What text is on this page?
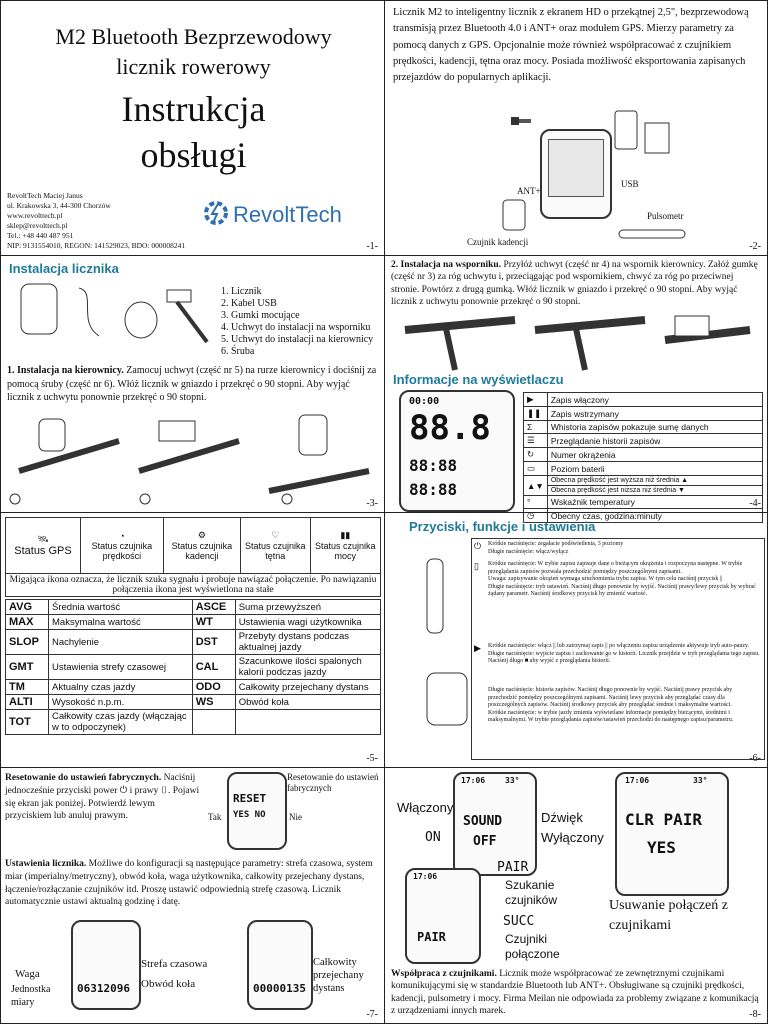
M2 Bluetooth Bezprzewodowy
licznik rowerowy
Instrukcja
obsługi
RevoltTech Maciej Janus
ul. Krakowska 3, 44-300 Chorzów
www.revolttech.pl
sklep@revolttech.pl
Tel.: +48 440 487 951
NIP: 9131554010, REGON: 141529023, BDO: 000008241
RevoltTech
-1-
Licznik M2 to inteligentny licznik z ekranem HD o przekątnej 2,5", bezprzewodową transmisją przez Bluetooth 4.0 i ANT+ oraz modułem GPS. Mierzy parametry za pomocą danych z GPS. Opcjonalnie może również współpracować z czujnikiem prędkości, kadencji, tętna oraz mocy. Posiada możliwość eksportowania zapisanych przejazdów do popularnych aplikacji.
ANT+
USB
Pulsometr
Czujnik kadencji	-2-
Instalacja licznika
1. Licznik
2. Kabel USB
3. Gumki mocujące
4. Uchwyt do instalacji na wsporniku
5. Uchwyt do instalacji na kierownicy
6. Śruba
1. Instalacja na kierownicy. Zamocuj uchwyt (część nr 5) na rurze kierownicy i dociśnij za pomocą śruby (część nr 6). Włóż licznik w gniazdo i przekręć o 90 stopni. Aby wyjąć licznik z uchwytu ponownie przekręć o 90 stopni.
-3-
2. Instalacja na wsporniku. Przyłóż uchwyt (część nr 4) na wspornik kierownicy. Załóż gumkę (część nr 3) za róg uchwytu i, przeciągając pod wspornikiem, chwyć za róg po przeciwnej stronie. Powtórz z drugą gumką. Włóż licznik w gniazdo i przekręć o 90 stopni. Aby wyjąć licznik z uchwytu ponownie przekręć o 90 stopni.
Informacje na wyświetlaczu
00:00
88.8
88:88
88:88
▶	Zapis włączony
❚❚	Zapis wstrzymany
Σ	Whistoria zapisów pokazuje sumę danych
☰	Przeglądanie historii zapisów
↻	Numer okrążenia
▭	Poziom baterii
▲▼	Obecna prędkość jest wyższa niż średnia ▲
	Obecna prędkość jest niższa niż średnia ▼
°	Wskaźnik temperatury
◷	Obecny czas, godzina:minuty
-4-
🛰
Status GPS

◔
Status czujnika prędkości

⚙
Status czujnika kadencji

♡
Status czujnika tętna

▮▮
Status czujnika mocy

Migająca ikona oznacza, że licznik szuka sygnału i probuje nawiązać połączenie. Po nawiązaniu połączenia ikona jest wyświetlona na stałe
AVG	Średnia wartość	ASCE	Suma przewyższeń
MAX	Maksymalna wartość	WT	Ustawienia wagi użytkownika
SLOP	Nachylenie	DST	Przebyty dystans podczas aktualnej jazdy
GMT	Ustawienia strefy czasowej	CAL	Szacunkowe ilości spalonych kalorii podczas jazdy
TM	Aktualny czas jazdy	ODO	Całkowity przejechany dystans
ALTI	Wysokość n.p.m.	WS	Obwód koła
TOT	Całkowity czas jazdy (włączając w to odpoczynek)		
-5-
Przyciski, funkcje i ustawienia
⏻ Krótkie naciśnięcie: zegałacie podświetlenia, 3 poziomy
Długie naciśnięcie: włącz/wyłącz
▯ Krótkie naciśnięcie: W trybie zapisu zapisuje dane o bieżącym okrążeniu i rozpoczyna następne. W trybie przeglądania zapisów pozwala przechodzić pomiędzy poszczególnymi zapisami.
Uwaga: zapisywanie okrążeń wymaga uruchomienia trybu zapisu. W tym celu naciśnij przycisk ||
Długie naciśnięcie: tryb ustawień. Naciśnij długo ponownie by wyjść. Naciśnij prawy/lewy przycisk by wybrać żądany parametr. Naciśnij środkowy przycisk by zmienić wartość.
▶ Krótkie naciśnięcie: włącz || lub zatrzymaj zapis || po włączeniu zapisu urządzenie aktywuje tryb auto-pauzy.
Długie naciśnięcie: wyjście zapisu i zachowanie go w historii. Licznik przejdzie w tryb przeglądania tego zapisu. Naciśnij długo ■ aby wyjść z przeglądania historii.
Długie naciśnięcie: historia zapisów. Naciśnij długo ponownie by wyjść. Naciśnij prawy przycisk aby przechodzić pomiędzy poszczególnymi zapisami. Naciśnij lewy przycisk aby przeglądać czasy dla poszczególnych zapisów. Naciśnij środkowy przycisk aby przeglądać średnie i maksymalne wartości.
Krótkie naciśnięcie: w trybie jazdy zmienia wyświetlane informacje pomiędzy bieżącymi, średnimi i maksymalnymi. W trybie przeglądania zapisów/ustawień przechodzi do następnego zapisu/parametru.
-6-
Resetowanie do ustawień fabrycznych. Naciśnij jednocześnie przyciski power ⏻ i prawy ▯. Pojawi się ekran jak poniżej. Potwierdź lewym przyciskiem lub anuluj prawym.
RESET
YES NO
Tak	Nie
Resetowanie do ustawień fabrycznych
Ustawienia licznika. Możliwe do konfiguracji są następujące parametry: strefa czasowa, system miar (imperialny/metryczny), obwód koła, waga użytkownika, całkowity przejechany dystans, łączenie/rozłączanie czujników itd. Proszę ustawić odpowiednią strefę czasową. Licznik automatycznie ustawi aktualną godzinę i datę.
06312096	00000135
Waga
Jednostka miary
Strefa czasowa
Obwód koła
Całkowity przejechany dystans
-7-
17:06 33°
SOUND
OFF
Włączony
ON
Dźwięk
Wyłączony
17:06	33°
CLR PAIR
YES
Usuwanie połączeń z czujnikami
17:06
PAIR
PAIR
Szukanie czujników
SUCC
Czujniki połączone
Współpraca z czujnikami. Licznik może współpracować ze zewnętrznymi czujnikami komunikującymi się w standardzie Bluetooth lub ANT+. Obsługiwane są czujniki prędkości, kadencji, pulsometry i mocy. Firma Meilan nie odpowiada za problemy związane z komunikacją z urządzeniami innych marek.	-8-
